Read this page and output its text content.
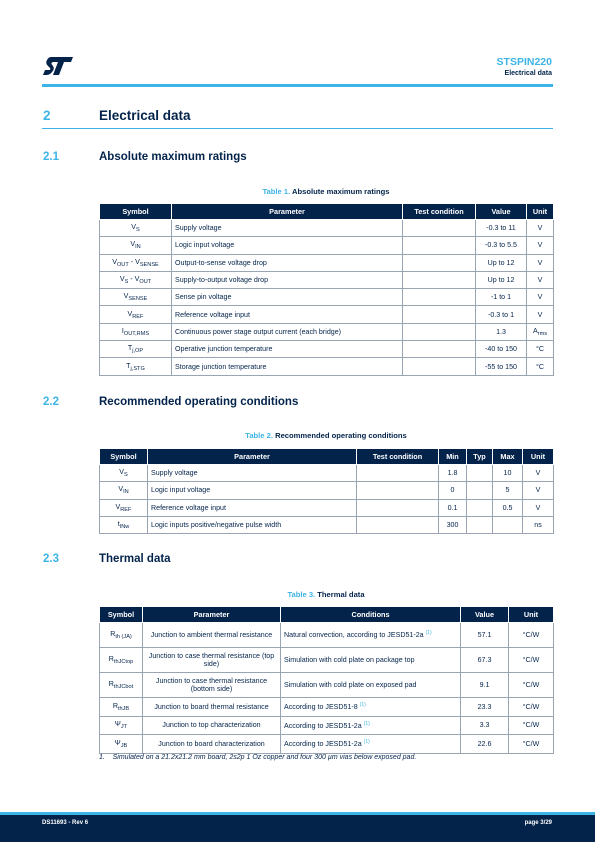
STSPIN220
Electrical data
2	Electrical data
2.1	Absolute maximum ratings
Table 1. Absolute maximum ratings
Symbol	Parameter	Test condition	Value	Unit
$V_S$	Supply voltage		-0.3 to 11	V
$V_{IN}$	Logic input voltage		-0.3 to 5.5	V
$V_{OUT} - V_{SENSE}$	Output-to-sense voltage drop		Up to 12	V
$V_S - V_{OUT}$	Supply-to-output voltage drop		Up to 12	V
$V_{SENSE}$	Sense pin voltage		-1 to 1	V
$V_{REF}$	Reference voltage input		-0.3 to 1	V
$I_{OUT,RMS}$	Continuous power stage output current (each bridge)		1.3	$A_{rms}$
$T_{j,OP}$	Operative junction temperature		-40 to 150	°C
$T_{j,STG}$	Storage junction temperature		-55 to 150	°C
2.2	Recommended operating conditions
Table 2. Recommended operating conditions
Symbol	Parameter	Test condition	Min	Typ	Max	Unit
$V_S$	Supply voltage		1.8		10	V
$V_{IN}$	Logic input voltage		0		5	V
$V_{REF}$	Reference voltage input		0.1		0.5	V
$t_{INw}$	Logic inputs positive/negative pulse width		300			ns
2.3	Thermal data
Table 3. Thermal data
Symbol	Parameter	Conditions	Value	Unit
$R_{th (JA)}$	Junction to ambient thermal resistance	Natural convection, according to JESD51-2a $^{(1)}$	57.1	°C/W
$R_{thJCtop}$	Junction to case thermal resistance (top side)	Simulation with cold plate on package top	67.3	°C/W
$R_{thJCbot}$	Junction to case thermal resistance (bottom side)	Simulation with cold plate on exposed pad	9.1	°C/W
$R_{thJB}$	Junction to board thermal resistance	According to JESD51-8 $^{(1)}$	23.3	°C/W
$\Psi_{JT}$	Junction to top characterization	According to JESD51-2a $^{(1)}$	3.3	°C/W
$\Psi_{JB}$	Junction to board characterization	According to JESD51-2a $^{(1)}$	22.6	°C/W
1. Simulated on a 21.2x21.2 mm board, 2s2p 1 Oz copper and four 300 µm vias below exposed pad.
DS11693 - Rev 6	page 3/29
